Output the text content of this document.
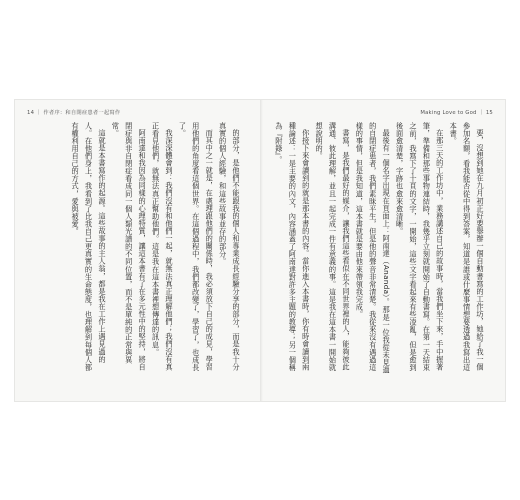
14 ｜ 作者序：和自閉症患者一起寫作	Making Love to God ｜ 15

的部分，是他們不能跟我的個人和專業成長經驗分享的部分，而是我十分真實的個人經驗，和這些故事並存的部分。

而其中之一就是，在處理跟他們的關係時，我必須放下自己的成見，學習用他們的角度看這個世界。在這個過程中，我們都改變了，學習了，也成長了。

我深深體會到：我們沒有和他們一起，就無法真正理解他們；我們沒有真正看見他們，就無法真正幫助他們。這是我在這本書裡想傳達的訊息。

阿南達和我因為同樣的心理特質，讓這本書有了在多元性中的堅持，將自閉症與非自閉症看成同一個人類光譜的不同位置，而不是單純的正常與異常。

這就是本書寫作的起源。這些故事的主人翁，都是我在工作上遇見過的人。在他們身上，我看到了比我自己更真實的生命態度，也理解到每個人都有權利用自己的方式，愛與被愛。	要，沒想到她在九月初正好要舉辦一個自動書寫的工作坊，她給了我一個參加名額，看我能否從中得到答案，知道是誰或什麼事情想要透過我寫出這本書。

在那三天的工作坊中，業務講述自己的故事時，當我們坐下來，手中握著筆，準備和那些事物連結時，我幾乎立刻就開始了自動書寫。在第一天結束之前，我寫下了十頁的文字，一開始，這些文字看起來有些凌亂，但是愈到後面愈清楚，字跡也愈來愈清晰。

最後有一個名字出現在頁面上：阿南達（Ananda）。那是一位我從未見過的自閉症患者，我們素昧平生，但是他的聲音非常清楚。我從來沒有遇過這樣的事情，但是我知道，這本書就是要由他來帶領我完成。

書寫，是我們最好的媒介，讓我們這些看似在不同世界裡的人，能夠彼此溝通、彼此理解，並且一起完成一件有意義的事。這是我在這本書一開始就想說明的。

你接下來會讀到的就是那本書的內容。當你進入本書時，你有時會讀到兩種論述：一是主要的內文，內容涵蓋了阿南達對許多主題的教導；另一個稱為『附錄』。
